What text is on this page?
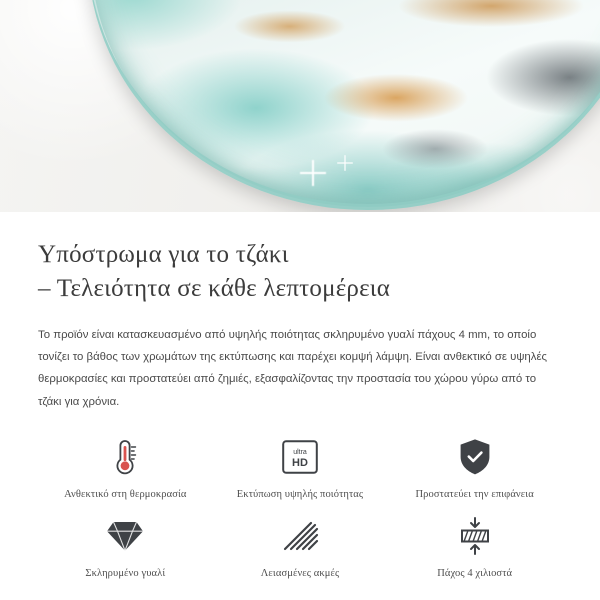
Υπόστρωμα για το τζάκι
– Τελειότητα σε κάθε λεπτομέρεια

Το προϊόν είναι κατασκευασμένο από υψηλής ποιότητας σκληρυμένο γυαλί πάχους 4 mm, το οποίο τονίζει το βάθος των χρωμάτων της εκτύπωσης και παρέχει κομψή λάμψη. Είναι ανθεκτικό σε υψηλές θερμοκρασίες και προστατεύει από ζημιές, εξασφαλίζοντας την προστασία του χώρου γύρω από το τζάκι για χρόνια.

Ανθεκτικό στη θερμοκρασία
ultra
HD
Εκτύπωση υψηλής ποιότητας	Προστατεύει την επιφάνεια
Σκληρυμένο γυαλί	Λειασμένες ακμές	Πάχος 4 χιλιοστά
